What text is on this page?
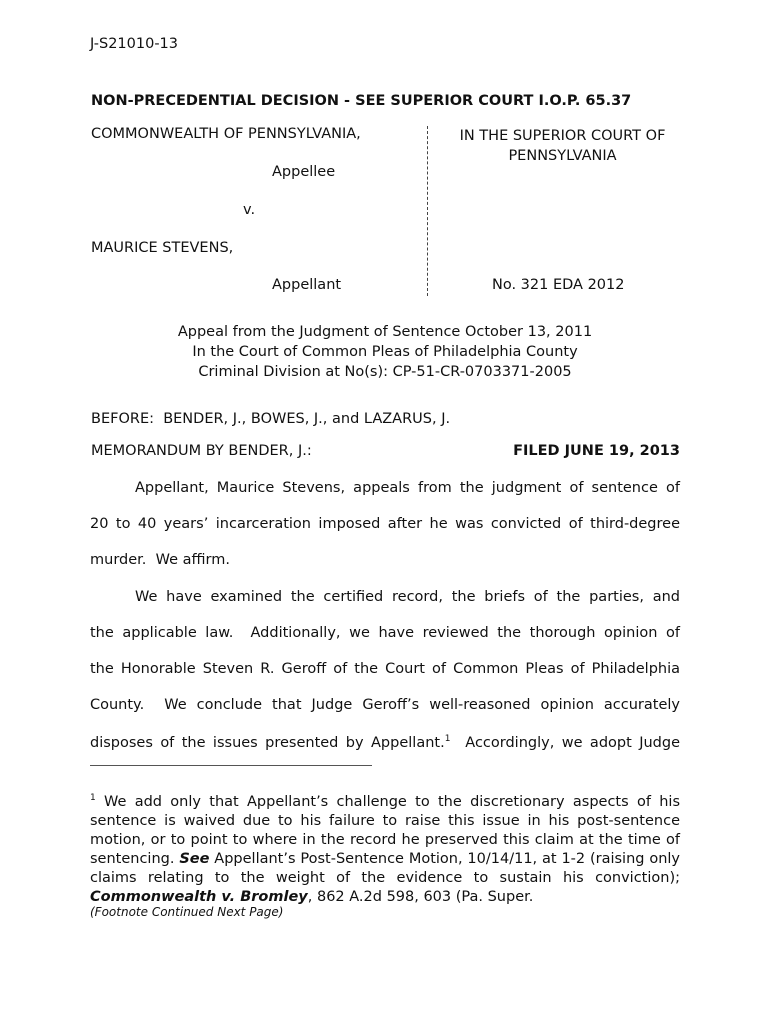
J-S21010-13
NON-PRECEDENTIAL DECISION - SEE SUPERIOR COURT I.O.P. 65.37
COMMONWEALTH OF PENNSYLVANIA,
Appellee
v.
MAURICE STEVENS,
Appellant
IN THE SUPERIOR COURT OF PENNSYLVANIA
No. 321 EDA 2012
Appeal from the Judgment of Sentence October 13, 2011
In the Court of Common Pleas of Philadelphia County
Criminal Division at No(s): CP-51-CR-0703371-2005
BEFORE:  BENDER, J., BOWES, J., and LAZARUS, J.
MEMORANDUM BY BENDER, J.:	FILED JUNE 19, 2013
Appellant, Maurice Stevens, appeals from the judgment of sentence of
20 to 40 years’ incarceration imposed after he was convicted of third-degree
murder.  We affirm.
We have examined the certified record, the briefs of the parties, and
the applicable law.  Additionally, we have reviewed the thorough opinion of
the Honorable Steven R. Geroff of the Court of Common Pleas of Philadelphia
County.  We conclude that Judge Geroff’s well-reasoned opinion accurately
disposes of the issues presented by Appellant.$^1$  Accordingly, we adopt Judge
$^1$ We add only that Appellant’s challenge to the discretionary aspects of his sentence is waived due to his failure to raise this issue in his post-sentence motion, or to point to where in the record he preserved this claim at the time of sentencing. See Appellant’s Post-Sentence Motion, 10/14/11, at 1-2 (raising only claims relating to the weight of the evidence to sustain his conviction); Commonwealth v. Bromley, 862 A.2d 598, 603 (Pa. Super.
(Footnote Continued Next Page)
